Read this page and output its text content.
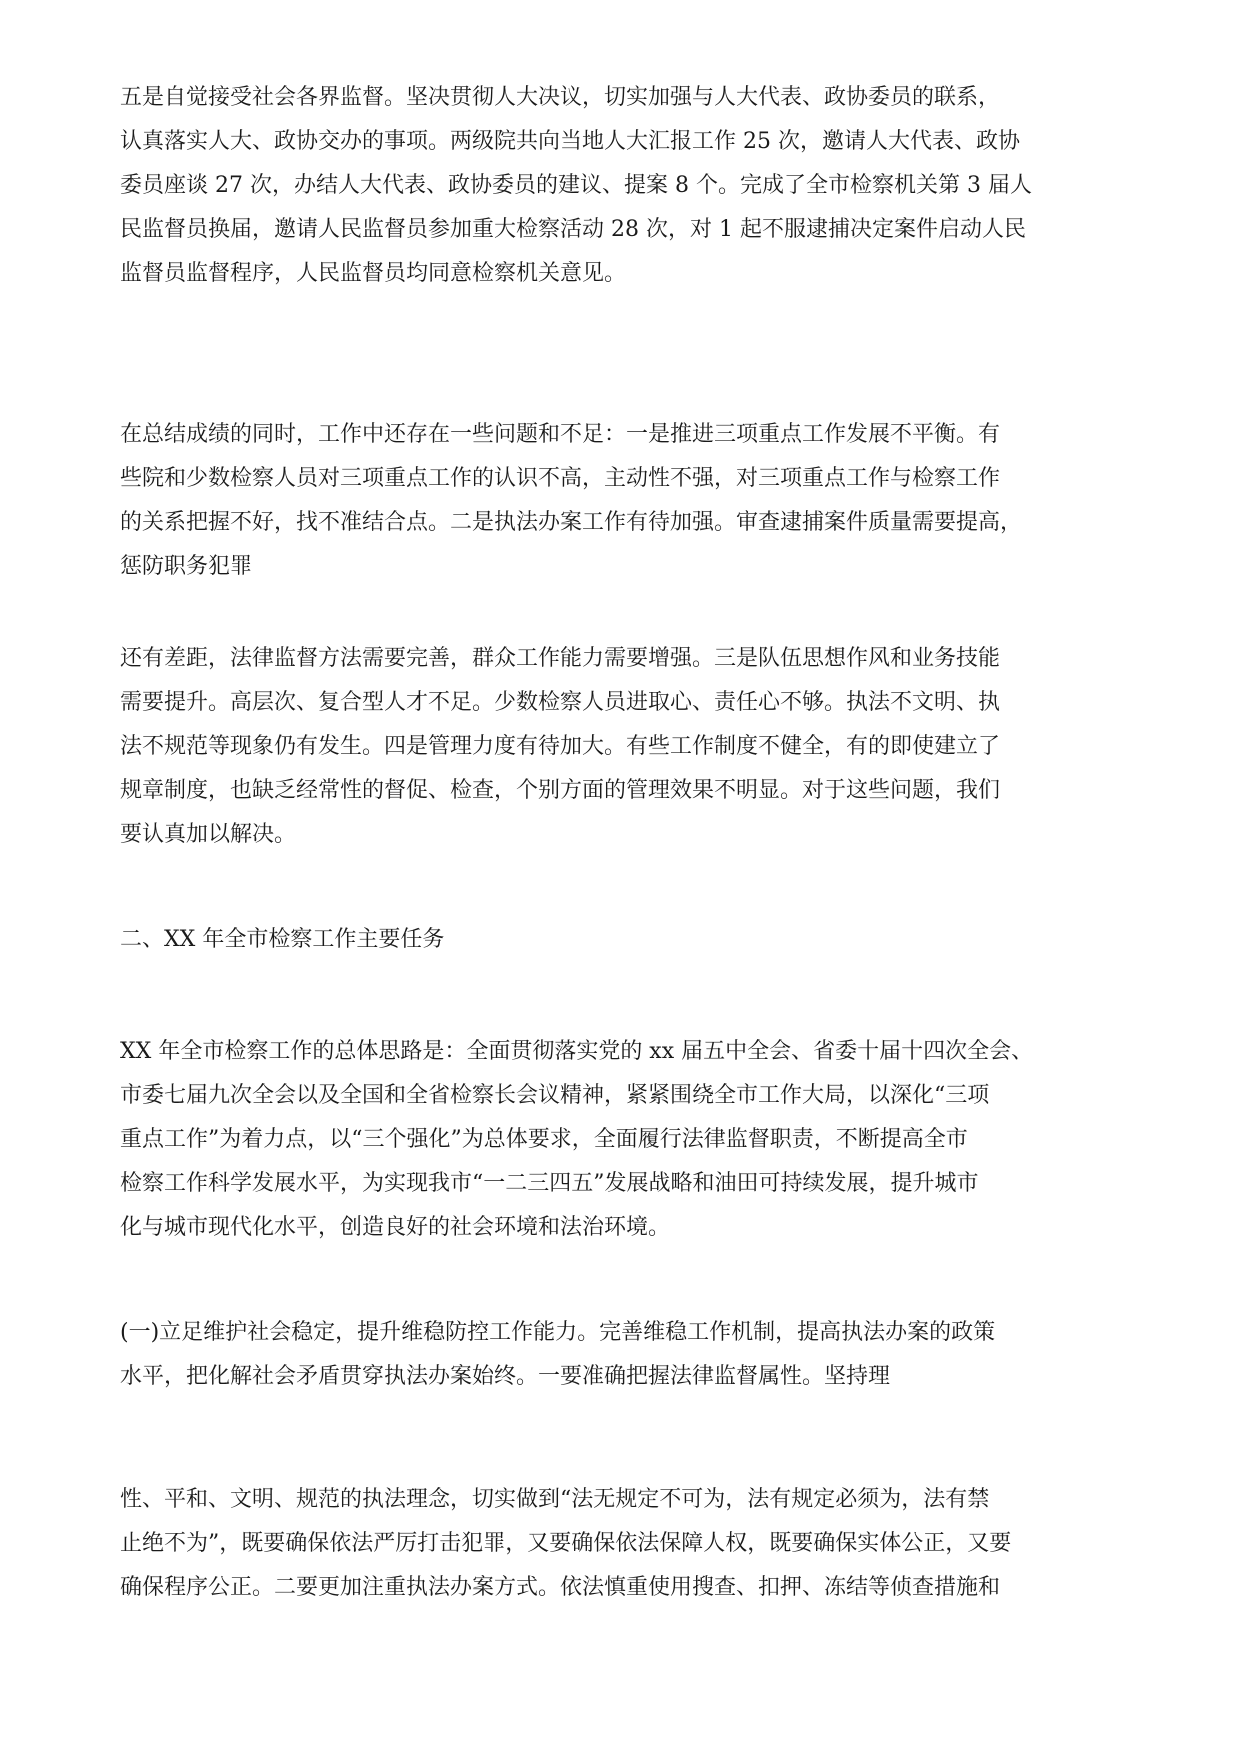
五是自觉接受社会各界监督。坚决贯彻人大决议，切实加强与人大代表、政协委员的联系，
认真落实人大、政协交办的事项。两级院共向当地人大汇报工作 25 次，邀请人大代表、政协
委员座谈 27 次，办结人大代表、政协委员的建议、提案 8 个。完成了全市检察机关第 3 届人
民监督员换届，邀请人民监督员参加重大检察活动 28 次，对 1 起不服逮捕决定案件启动人民
监督员监督程序，人民监督员均同意检察机关意见。

在总结成绩的同时，工作中还存在一些问题和不足：一是推进三项重点工作发展不平衡。有
些院和少数检察人员对三项重点工作的认识不高，主动性不强，对三项重点工作与检察工作
的关系把握不好，找不准结合点。二是执法办案工作有待加强。审查逮捕案件质量需要提高，
惩防职务犯罪

还有差距，法律监督方法需要完善，群众工作能力需要增强。三是队伍思想作风和业务技能
需要提升。高层次、复合型人才不足。少数检察人员进取心、责任心不够。执法不文明、执
法不规范等现象仍有发生。四是管理力度有待加大。有些工作制度不健全，有的即使建立了
规章制度，也缺乏经常性的督促、检查，个别方面的管理效果不明显。对于这些问题，我们
要认真加以解决。

二、XX 年全市检察工作主要任务

XX 年全市检察工作的总体思路是：全面贯彻落实党的 xx 届五中全会、省委十届十四次全会、
市委七届九次全会以及全国和全省检察长会议精神，紧紧围绕全市工作大局，以深化“三项
重点工作”为着力点，以“三个强化”为总体要求，全面履行法律监督职责，不断提高全市
检察工作科学发展水平，为实现我市“一二三四五”发展战略和油田可持续发展，提升城市
化与城市现代化水平，创造良好的社会环境和法治环境。

(一)立足维护社会稳定，提升维稳防控工作能力。完善维稳工作机制，提高执法办案的政策
水平，把化解社会矛盾贯穿执法办案始终。一要准确把握法律监督属性。坚持理

性、平和、文明、规范的执法理念，切实做到“法无规定不可为，法有规定必须为，法有禁
止绝不为”，既要确保依法严厉打击犯罪，又要确保依法保障人权，既要确保实体公正，又要
确保程序公正。二要更加注重执法办案方式。依法慎重使用搜查、扣押、冻结等侦查措施和
